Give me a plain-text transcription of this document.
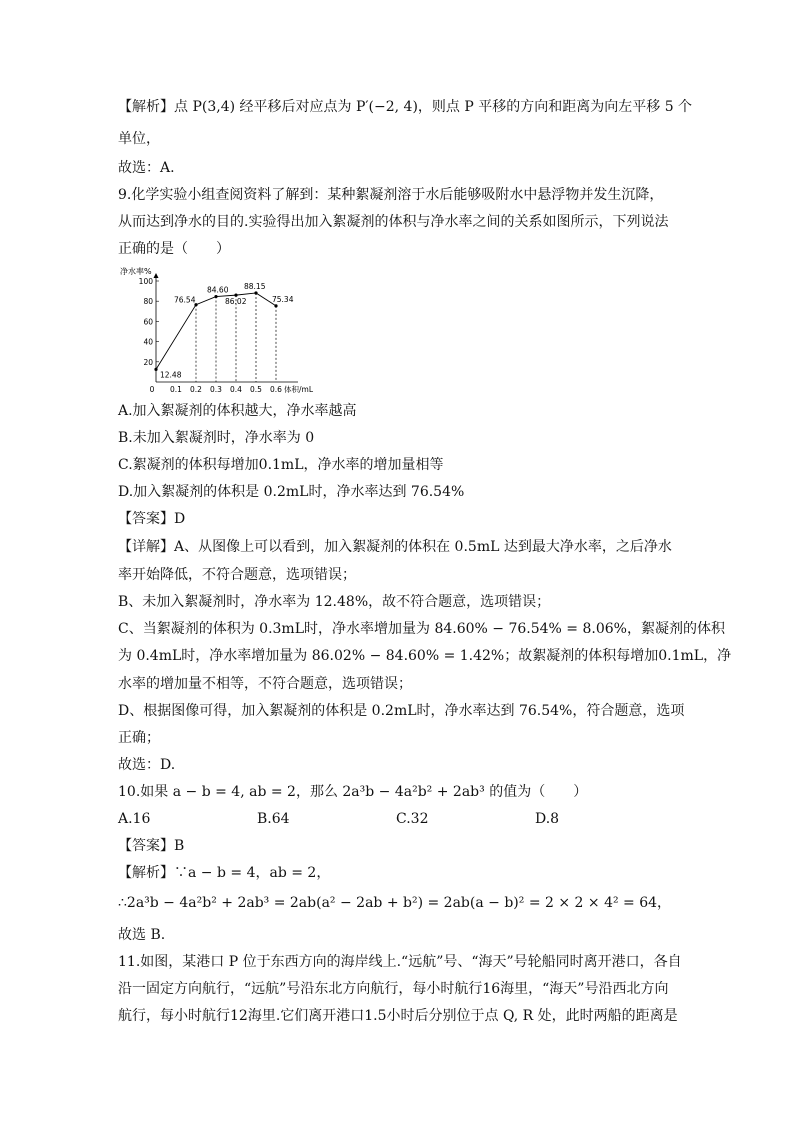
【解析】点 P(3,4) 经平移后对应点为 P′(−2, 4)，则点 P 平移的方向和距离为向左平移 5 个
单位，
故选：A.
9.化学实验小组查阅资料了解到：某种絮凝剂溶于水后能够吸附水中悬浮物并发生沉降，
从而达到净水的目的.实验得出加入絮凝剂的体积与净水率之间的关系如图所示，下列说法
正确的是（　　）
净水率%
20
40
60
80
100
0 0.1 0.2 0.3 0.4 0.5 0.6 体积/mL
12.48
76.54
84.60
86.02
88.15
75.34
A.加入絮凝剂的体积越大，净水率越高
B.未加入絮凝剂时，净水率为 0
C.絮凝剂的体积每增加0.1mL，净水率的增加量相等
D.加入絮凝剂的体积是 0.2mL时，净水率达到 76.54%
【答案】D
【详解】A、从图像上可以看到，加入絮凝剂的体积在 0.5mL 达到最大净水率，之后净水
率开始降低，不符合题意，选项错误；
B、未加入絮凝剂时，净水率为 12.48%，故不符合题意，选项错误；
C、当絮凝剂的体积为 0.3mL时，净水率增加量为 84.60% − 76.54% = 8.06%，絮凝剂的体积
为 0.4mL时，净水率增加量为 86.02% − 84.60% = 1.42%；故絮凝剂的体积每增加0.1mL，净
水率的增加量不相等，不符合题意，选项错误；
D、根据图像可得，加入絮凝剂的体积是 0.2mL时，净水率达到 76.54%，符合题意，选项
正确；
故选：D.
10.如果 a − b = 4, ab = 2，那么 2a³b − 4a²b² + 2ab³ 的值为（　　）
A.16	B.64	C.32	D.8
【答案】B
【解析】∵a − b = 4，ab = 2，
∴2a³b − 4a²b² + 2ab³ = 2ab(a² − 2ab + b²) = 2ab(a − b)² = 2 × 2 × 4² = 64，
故选 B.
11.如图，某港口 P 位于东西方向的海岸线上.“远航”号、“海天”号轮船同时离开港口，各自
沿一固定方向航行，“远航”号沿东北方向航行，每小时航行16海里，“海天”号沿西北方向
航行，每小时航行12海里.它们离开港口1.5小时后分别位于点 Q, R 处，此时两船的距离是
